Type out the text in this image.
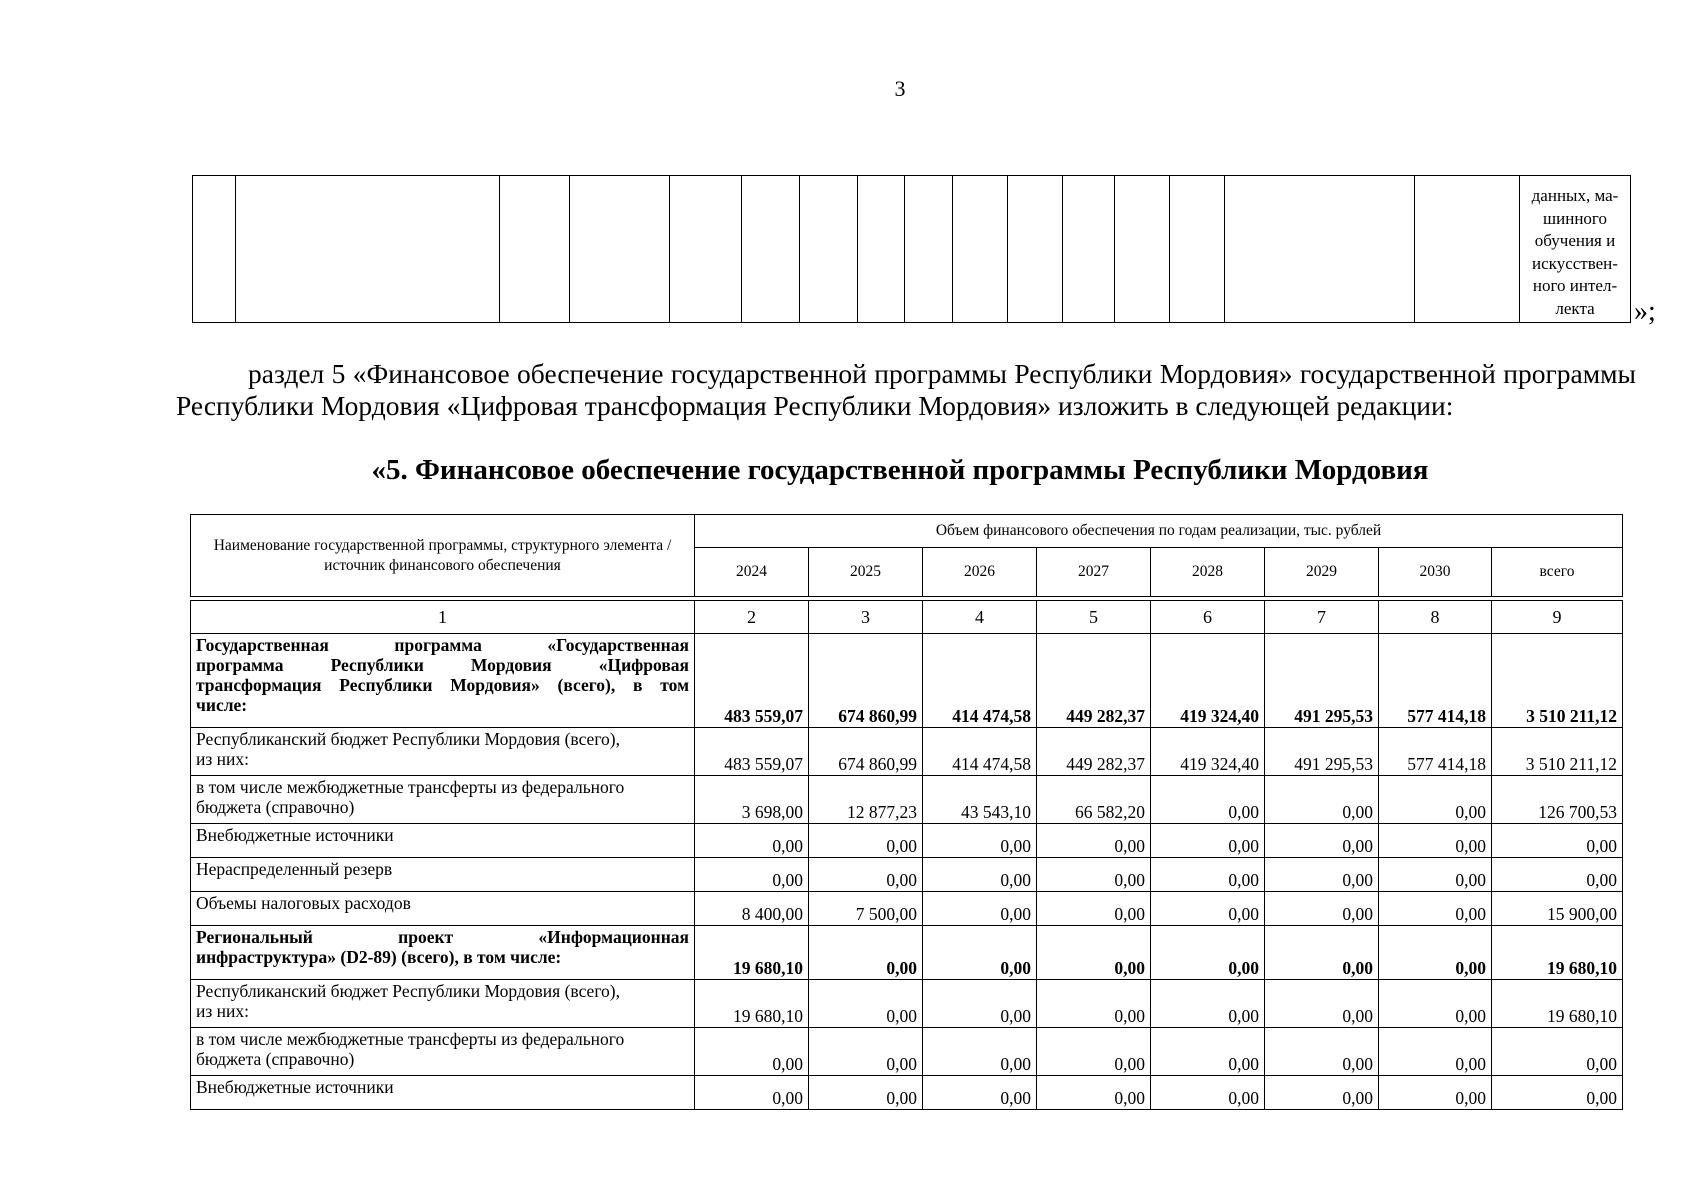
3

данных, ма-
шинного
обучения и
искусствен-
ного интел-
лекта	»;
раздел 5 «Финансовое обеспечение государственной программы Республики Мордовия» государственной программы Республики Мордовия «Цифровая трансформация Республики Мордовия» изложить в следующей редакции:
«5. Финансовое обеспечение государственной программы Республики Мордовия
Наименование государственной программы, структурного элемента / источник финансового обеспечения	Объем финансового обеспечения по годам реализации, тыс. рублей							
	2024	2025	2026	2027	2028	2029	2030	всего

1	2	3	4	5	6	7	8	9
Государственная программа «Государственная
программа Республики Мордовия «Цифровая
трансформация Республики Мордовия» (всего), в том
числе:	483 559,07	674 860,99	414 474,58	449 282,37	419 324,40	491 295,53	577 414,18	3 510 211,12
Республиканский бюджет Республики Мордовия (всего),
из них:	483 559,07	674 860,99	414 474,58	449 282,37	419 324,40	491 295,53	577 414,18	3 510 211,12
в том числе межбюджетные трансферты из федерального
бюджета (справочно)	3 698,00	12 877,23	43 543,10	66 582,20	0,00	0,00	0,00	126 700,53
Внебюджетные источники	0,00	0,00	0,00	0,00	0,00	0,00	0,00	0,00
Нераспределенный резерв	0,00	0,00	0,00	0,00	0,00	0,00	0,00	0,00
Объемы налоговых расходов	8 400,00	7 500,00	0,00	0,00	0,00	0,00	0,00	15 900,00
Региональный проект «Информационная
инфраструктура» (D2-89) (всего), в том числе:	19 680,10	0,00	0,00	0,00	0,00	0,00	0,00	19 680,10
Республиканский бюджет Республики Мордовия (всего),
из них:	19 680,10	0,00	0,00	0,00	0,00	0,00	0,00	19 680,10
в том числе межбюджетные трансферты из федерального
бюджета (справочно)	0,00	0,00	0,00	0,00	0,00	0,00	0,00	0,00
Внебюджетные источники	0,00	0,00	0,00	0,00	0,00	0,00	0,00	0,00
